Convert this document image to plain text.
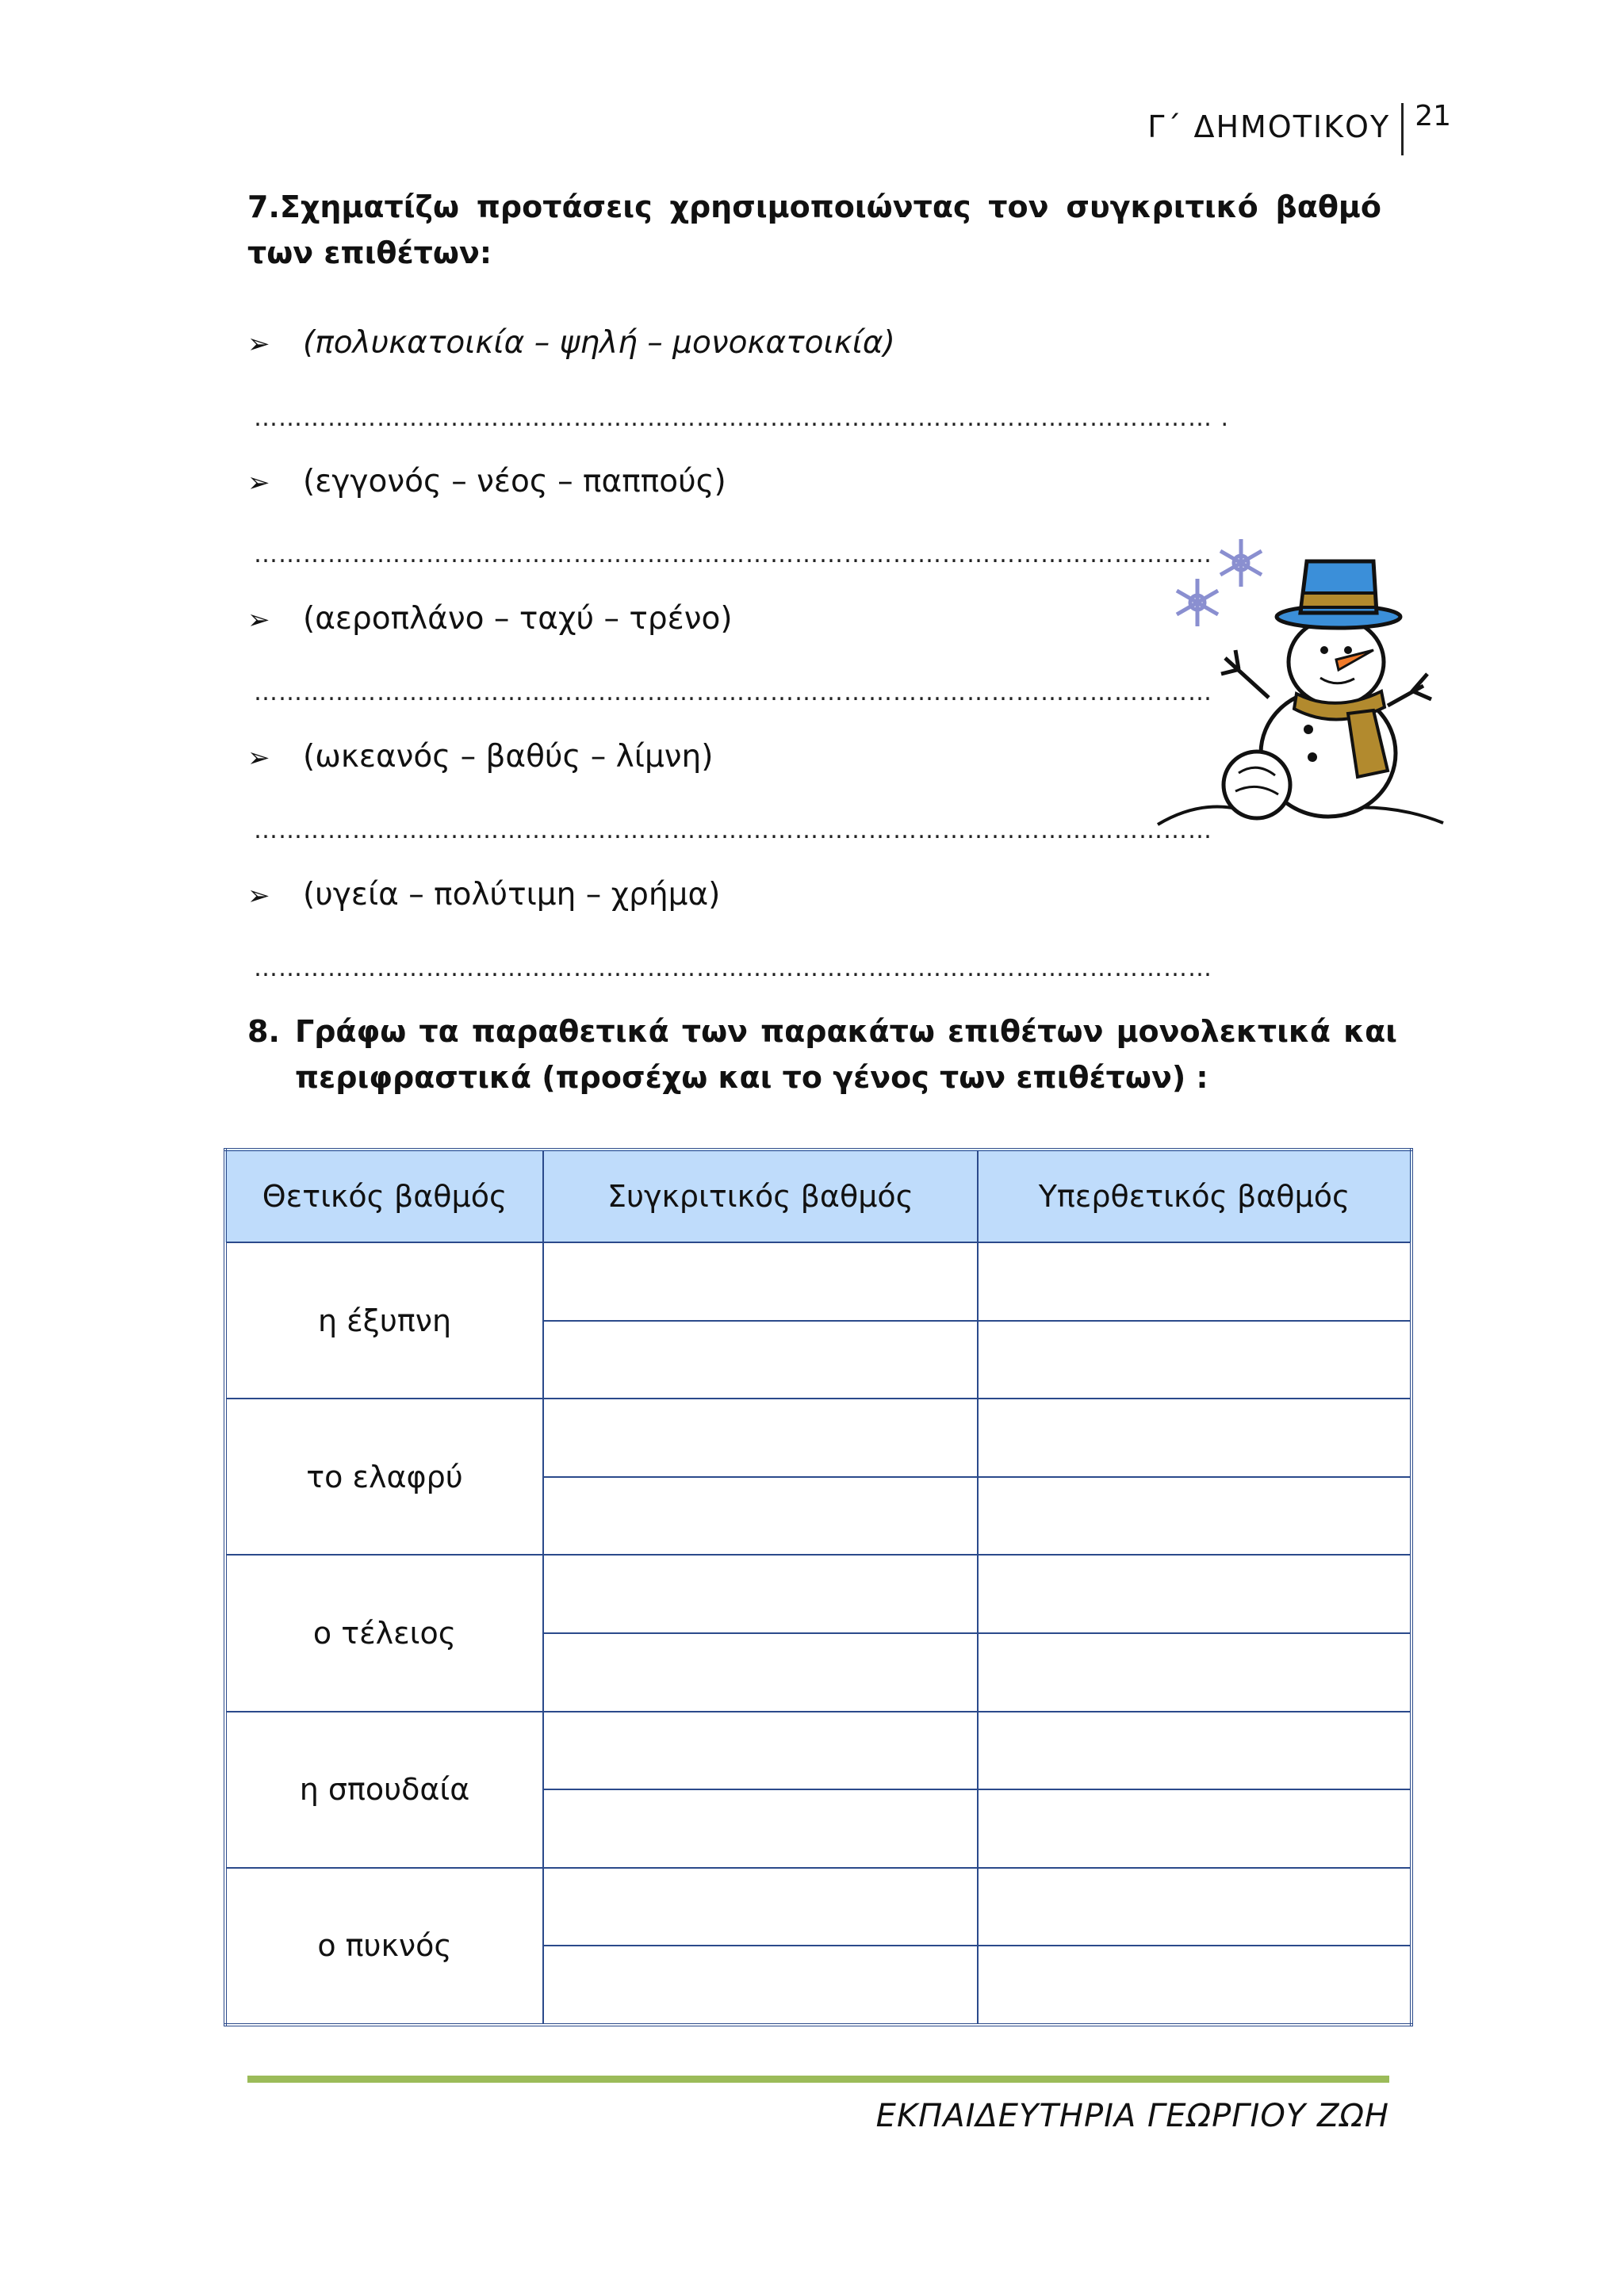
Γ΄ ΔΗΜΟΤΙΚΟΥ 21
7.Σχηματίζω προτάσεις χρησιμοποιώντας τον συγκριτικό βαθμό των επιθέτων:
➢ (πολυκατοικία – ψηλή – μονοκατοικία)
……………………………………………………………………………………………………… .
➢ (εγγονός – νέος – παππούς)
………………………………………………………………………………………………………
➢ (αεροπλάνο – ταχύ – τρένο)
………………………………………………………………………………………………………
➢ (ωκεανός – βαθύς – λίμνη)
………………………………………………………………………………………………………
➢ (υγεία – πολύτιμη – χρήμα)
………………………………………………………………………………………………………
8. Γράφω τα παραθετικά των παρακάτω επιθέτων μονολεκτικά και περιφραστικά (προσέχω και το γένος των επιθέτων) :
Θετικός βαθμός	Συγκριτικός βαθμός	Υπερθετικός βαθμός
η έξυπνη		

το ελαφρύ		

ο τέλειος		

η σπουδαία		

ο πυκνός		

ΕΚΠΑΙΔΕΥΤΗΡΙΑ ΓΕΩΡΓΙΟΥ ΖΩΗ
